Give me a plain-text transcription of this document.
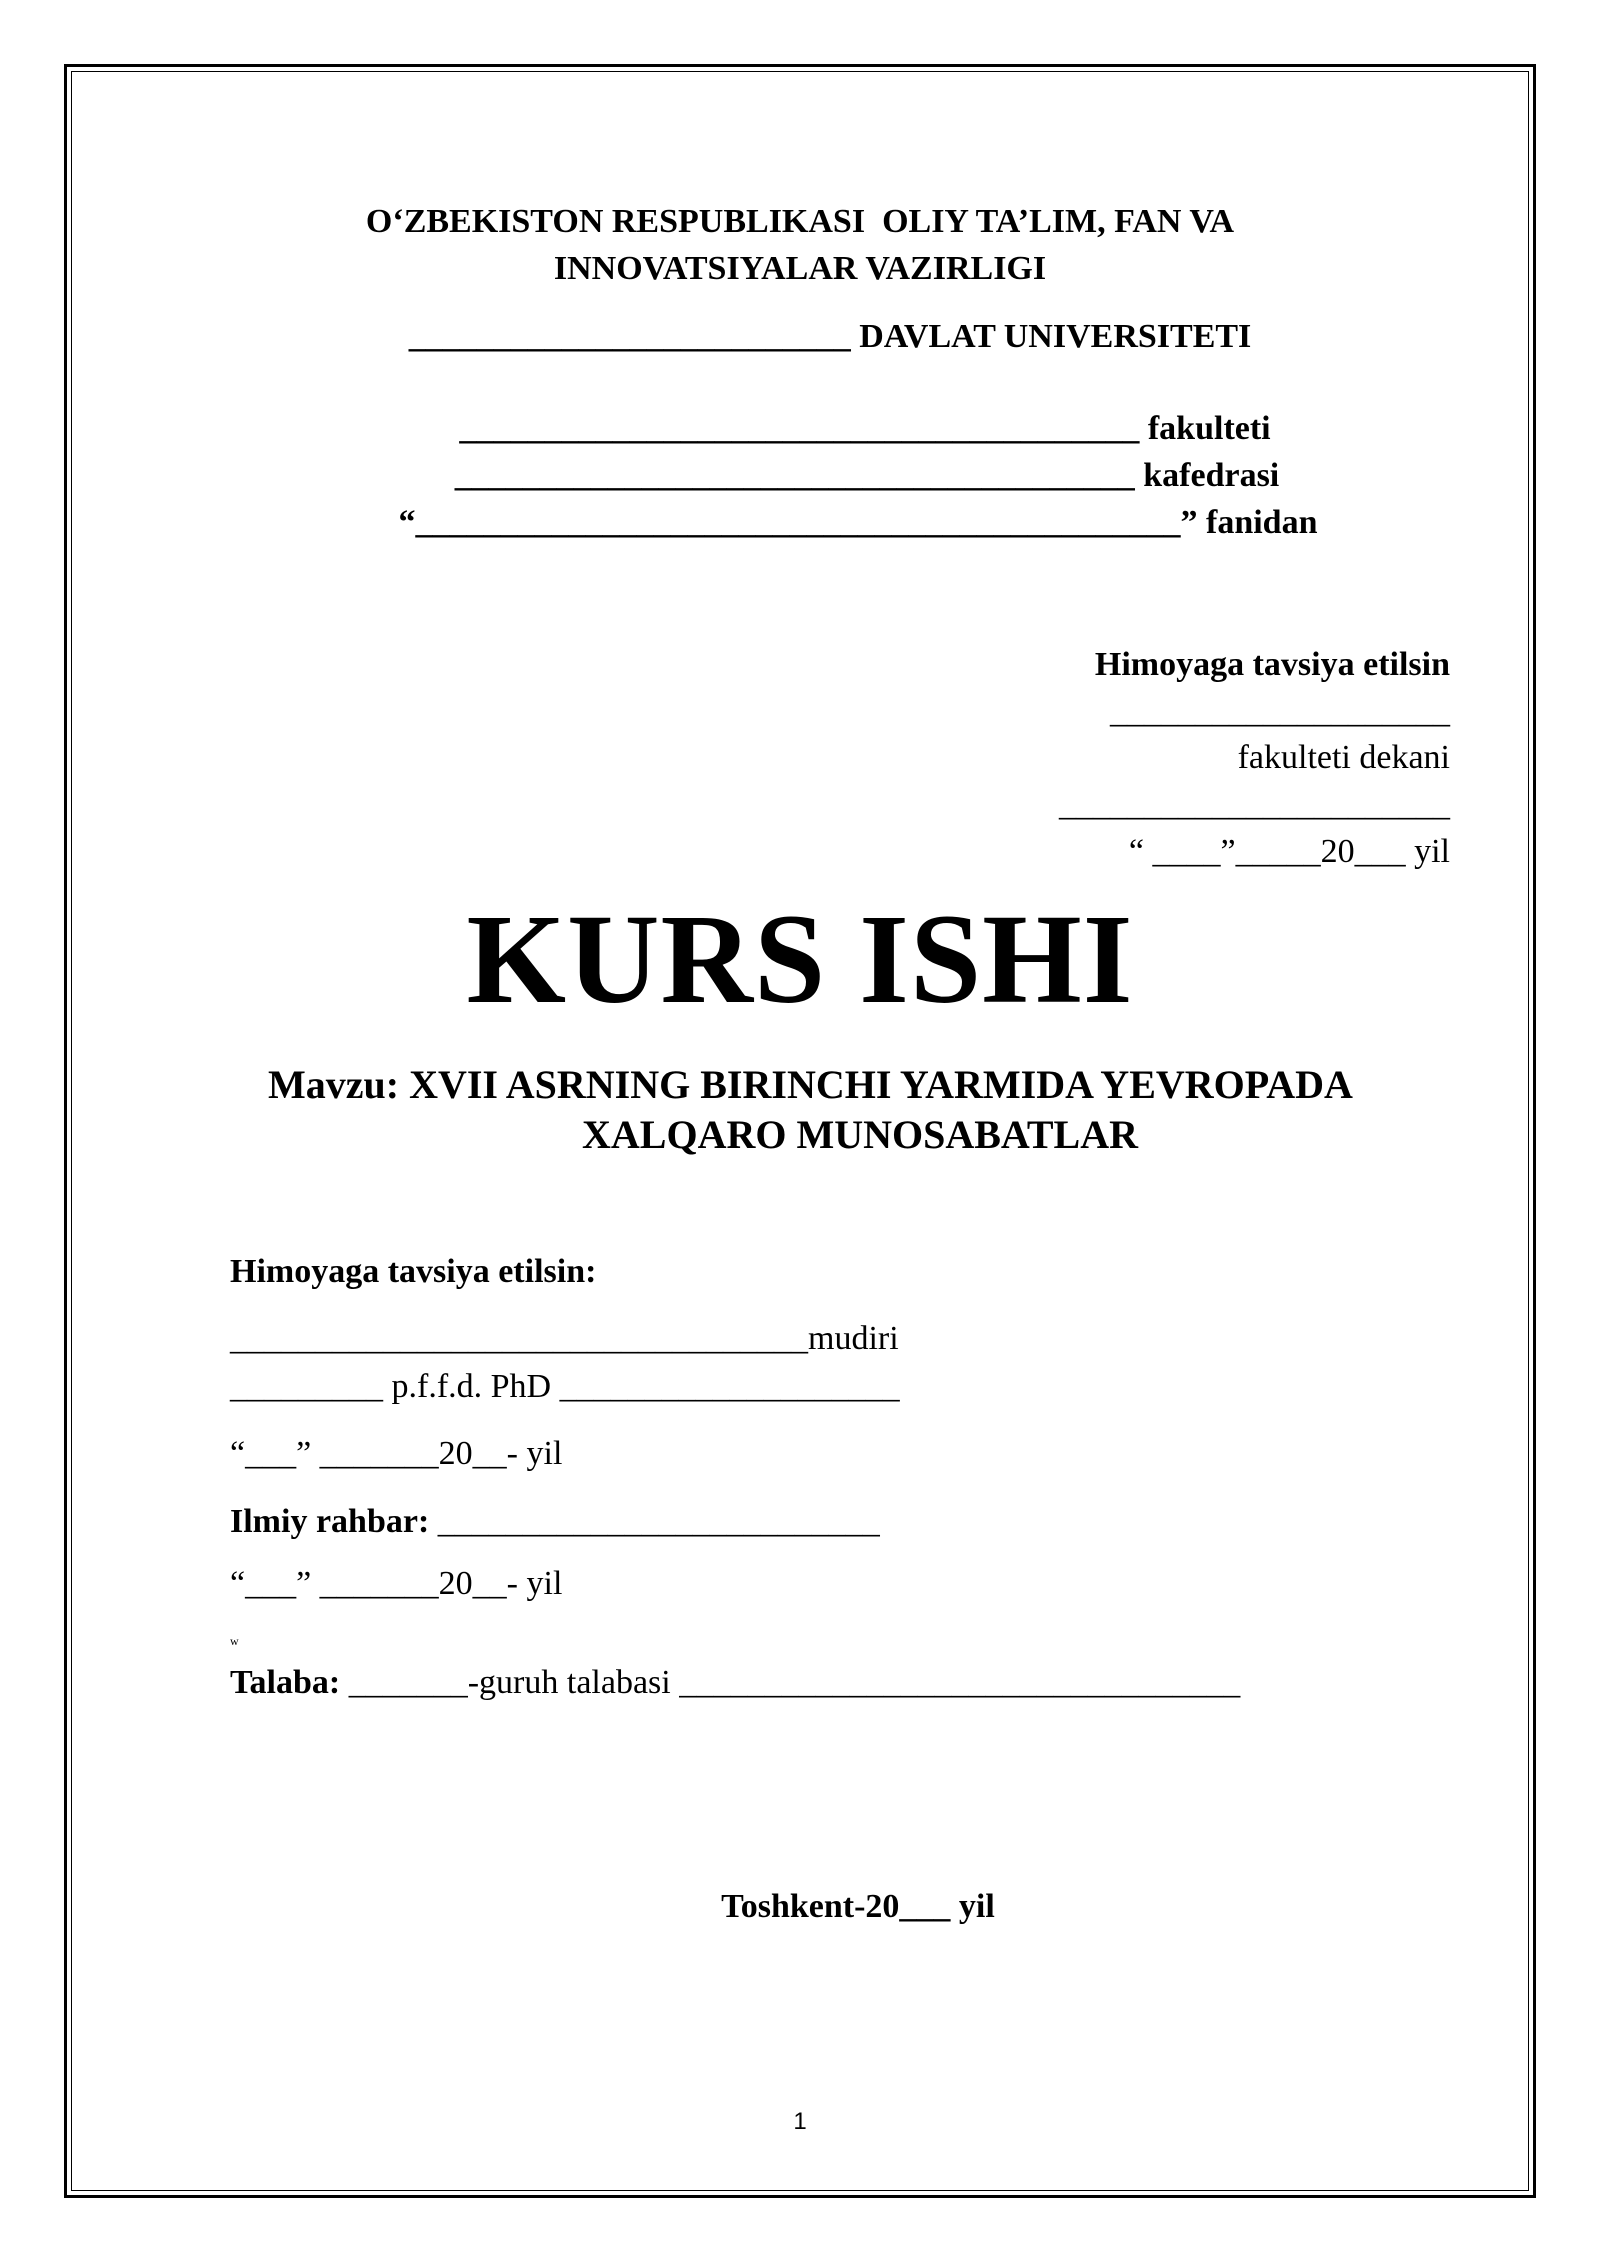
O‘ZBEKISTON RESPUBLIKASI  OLIY TA’LIM, FAN VA
INNOVATSIYALAR VAZIRLIGI
__________________________ DAVLAT UNIVERSITETI
________________________________________ fakulteti
________________________________________ kafedrasi
“_____________________________________________” fanidan
Himoyaga tavsiya etilsin
____________________
fakulteti dekani
_______________________
“ ____”_____20___ yil
KURS ISHI
Mavzu: XVII ASRNING BIRINCHI YARMIDA YEVROPADA
XALQARO MUNOSABATLAR
Himoyaga tavsiya etilsin:
__________________________________mudiri
_________ p.f.f.d. PhD ____________________
“___” _______20__- yil
Ilmiy rahbar: __________________________
“___” _______20__- yil
w
Talaba: _______-guruh talabasi _________________________________
Toshkent-20___ yil
1
